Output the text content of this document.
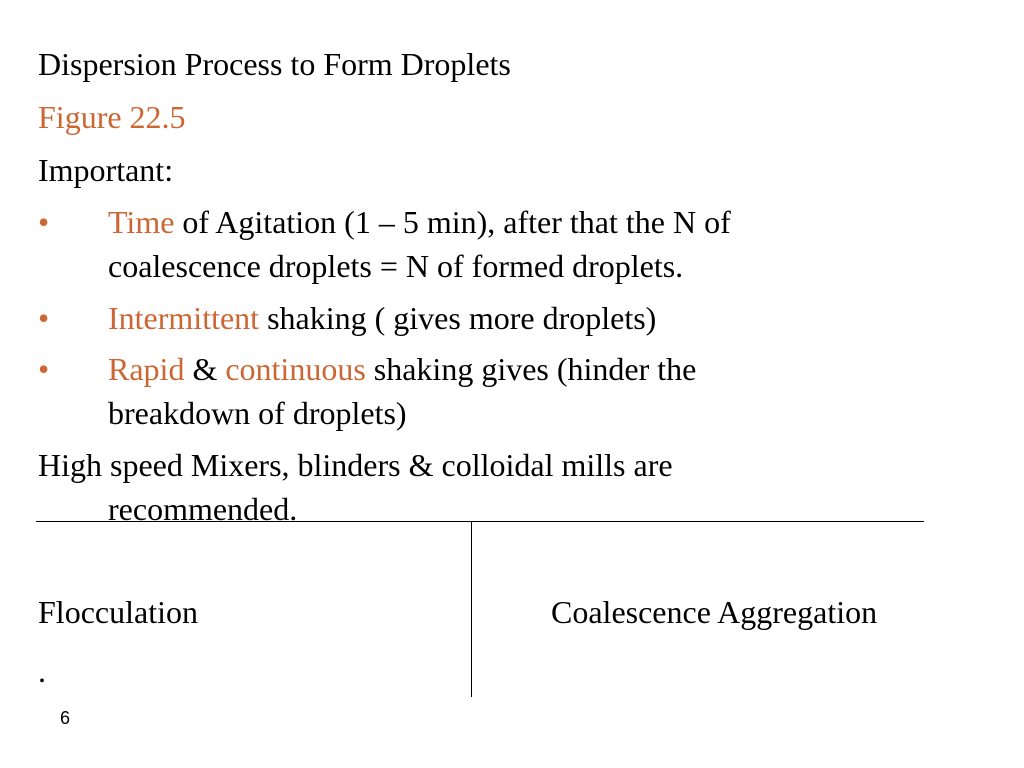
Dispersion Process to Form Droplets
Figure 22.5
Important:
• Time of Agitation (1 – 5 min), after that the N of
coalescence droplets = N of formed droplets.
• Intermittent shaking ( gives more droplets)
• Rapid & continuous shaking gives (hinder the
breakdown of droplets)
High speed Mixers, blinders & colloidal mills are
recommended.
Flocculation
.
Coalescence Aggregation
6
